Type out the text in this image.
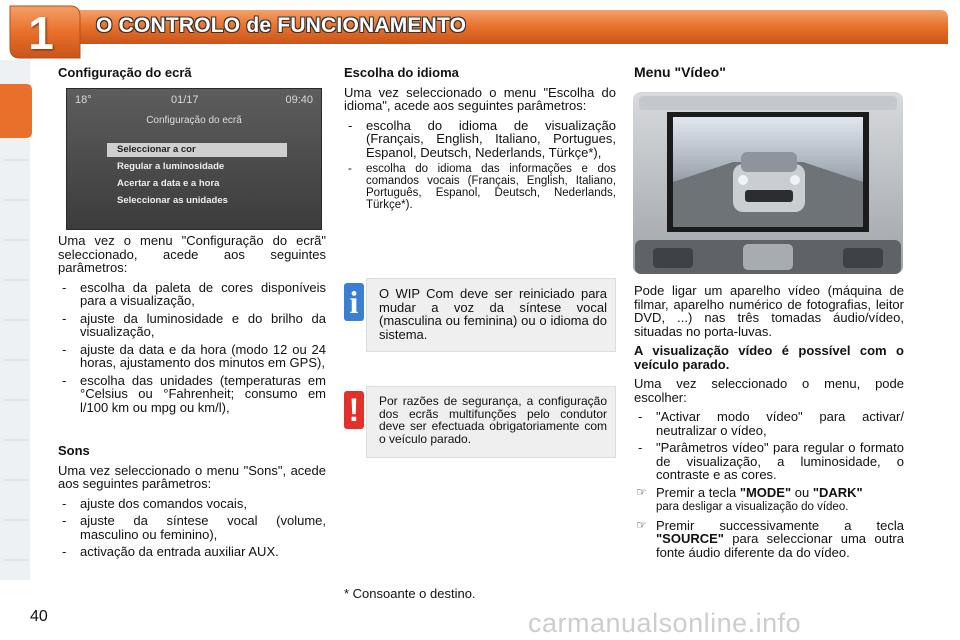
1 O CONTROLO de FUNCIONAMENTO
Configuração do ecrã
18°	01/17	09:40
Configuração do ecrã
Seleccionar a cor
Regular a luminosidade
Acertar a data e a hora
Seleccionar as unidades

Uma vez o menu "Configuração do ecrã" seleccionado, acede aos seguintes parâmetros:

- escolha da paleta de cores disponíveis para a visualização,
- ajuste da luminosidade e do brilho da visualização,
- ajuste da data e da hora (modo 12 ou 24 horas, ajustamento dos minutos em GPS),
- escolha das unidades (temperaturas em °Celsius ou °Fahrenheit; consumo em l/100 km ou mpg ou km/l),
Sons

Uma vez seleccionado o menu "Sons", acede aos seguintes parâmetros:

- ajuste dos comandos vocais,
- ajuste da síntese vocal (volume, masculino ou feminino),
- activação da entrada auxiliar AUX.
Escolha do idioma

Uma vez seleccionado o menu "Escolha do idioma", acede aos seguintes parâmetros:

- escolha do idioma de visualização (Français, English, Italiano, Portugues, Espanol, Deutsch, Nederlands, Türkçe*),
- escolha do idioma das informações e dos comandos vocais (Français, English, Italiano, Português, Espanol, Deutsch, Nederlands, Türkçe*).
i	O WIP Com deve ser reiniciado para mudar a voz da síntese vocal (masculina ou feminina) ou o idioma do sistema.

!	Por razões de segurança, a configuração dos ecrãs multifunções pelo condutor deve ser efectuada obrigatoriamente com o veículo parado.

* Consoante o destino.
Menu "Vídeo"

Pode ligar um aparelho vídeo (máquina de filmar, aparelho numérico de fotografias, leitor DVD, ...) nas três tomadas áudio/vídeo, situadas no porta-luvas.

A visualização vídeo é possível com o veículo parado.

Uma vez seleccionado o menu, pode escolher:

- "Activar modo vídeo" para activar/ neutralizar o vídeo,
- "Parâmetros vídeo" para regular o formato de visualização, a luminosidade, o contraste e as cores.
☞ Premir a tecla "MODE" ou "DARK"
para desligar a visualização do vídeo.
☞ Premir successivamente a tecla "SOURCE" para seleccionar uma outra fonte áudio diferente da do vídeo.
40	carmanualsonline.info
